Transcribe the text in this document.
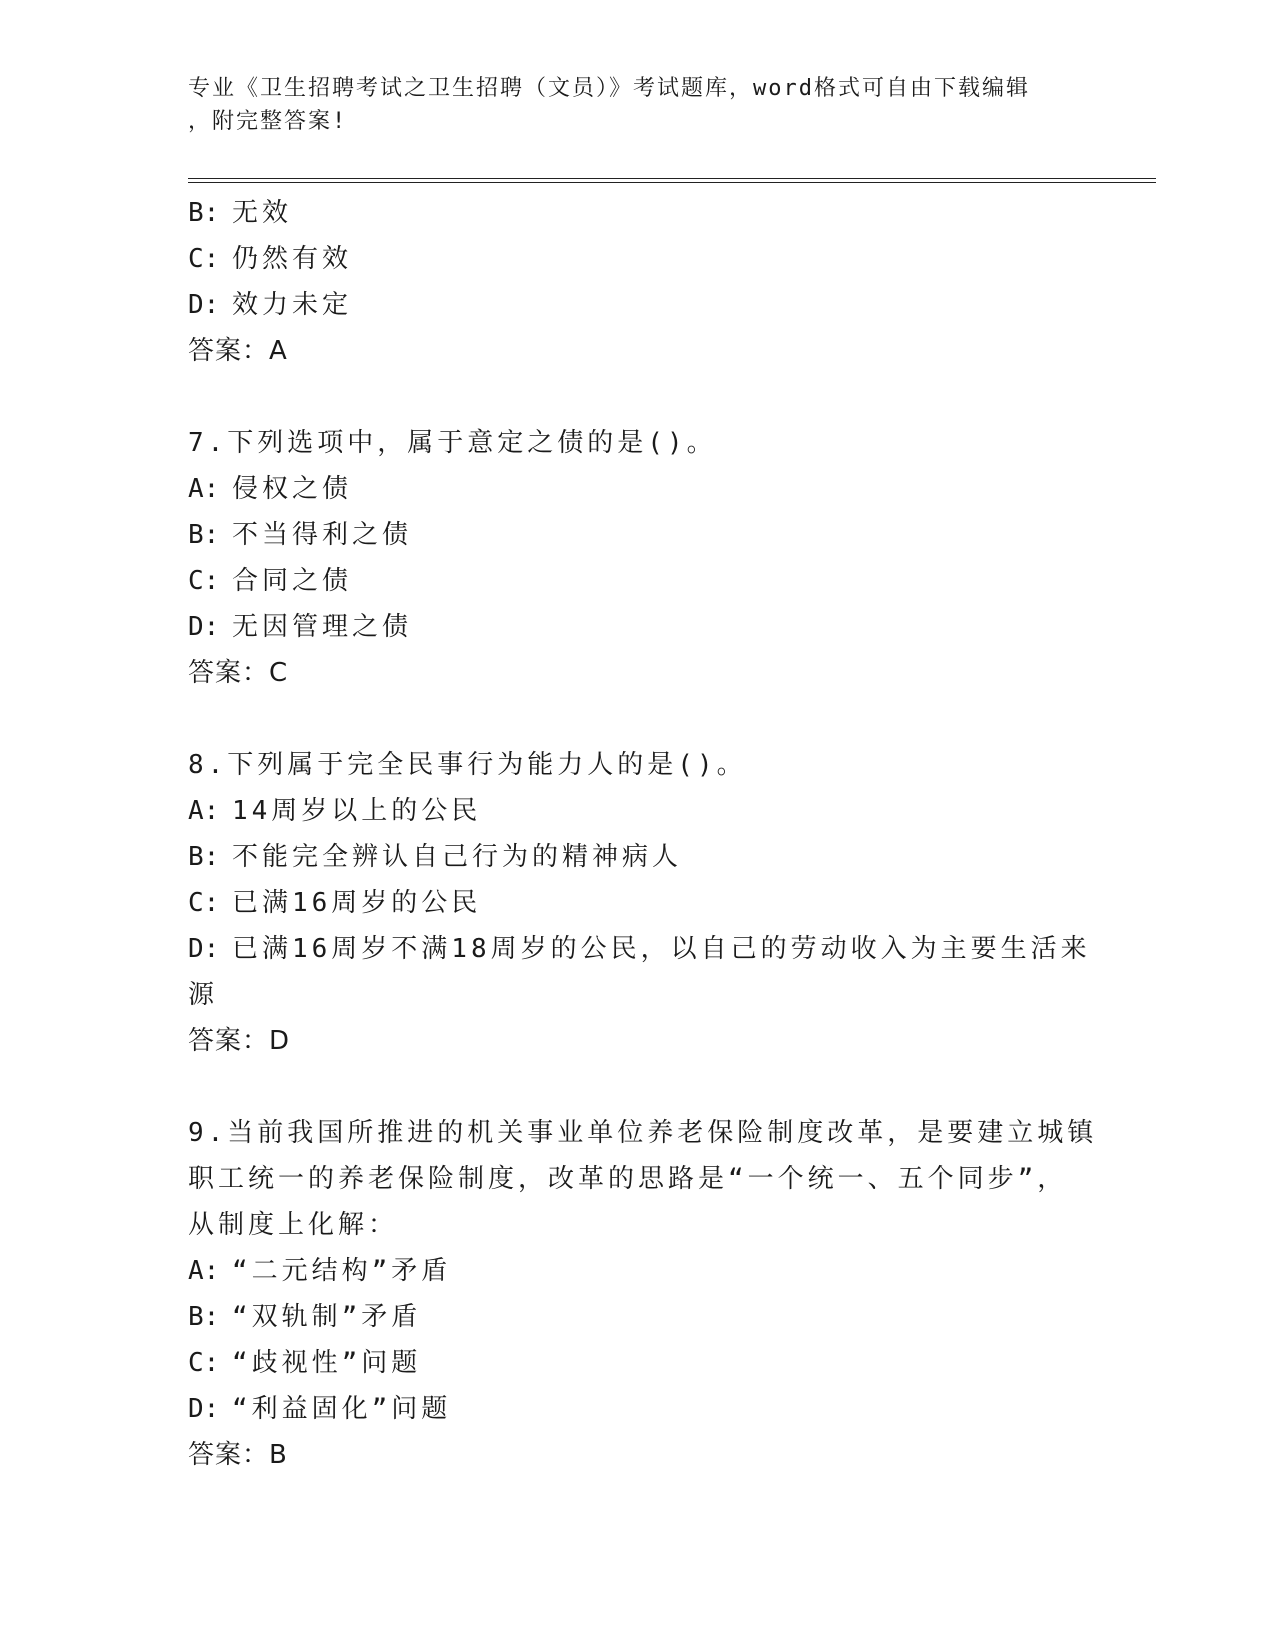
专业《卫生招聘考试之卫生招聘（文员）》考试题库，word格式可自由下载编辑
，附完整答案!
B: 无效
C: 仍然有效
D: 效力未定
答案：A
7.下列选项中，属于意定之债的是()。
A: 侵权之债
B: 不当得利之债
C: 合同之债
D: 无因管理之债
答案：C
8.下列属于完全民事行为能力人的是()。
A: 14周岁以上的公民
B: 不能完全辨认自己行为的精神病人
C: 已满16周岁的公民
D: 已满16周岁不满18周岁的公民，以自己的劳动收入为主要生活来
源
答案：D
9.当前我国所推进的机关事业单位养老保险制度改革，是要建立城镇
职工统一的养老保险制度，改革的思路是“一个统一、五个同步”，
从制度上化解：
A: “二元结构”矛盾
B: “双轨制”矛盾
C: “歧视性”问题
D: “利益固化”问题
答案：B
